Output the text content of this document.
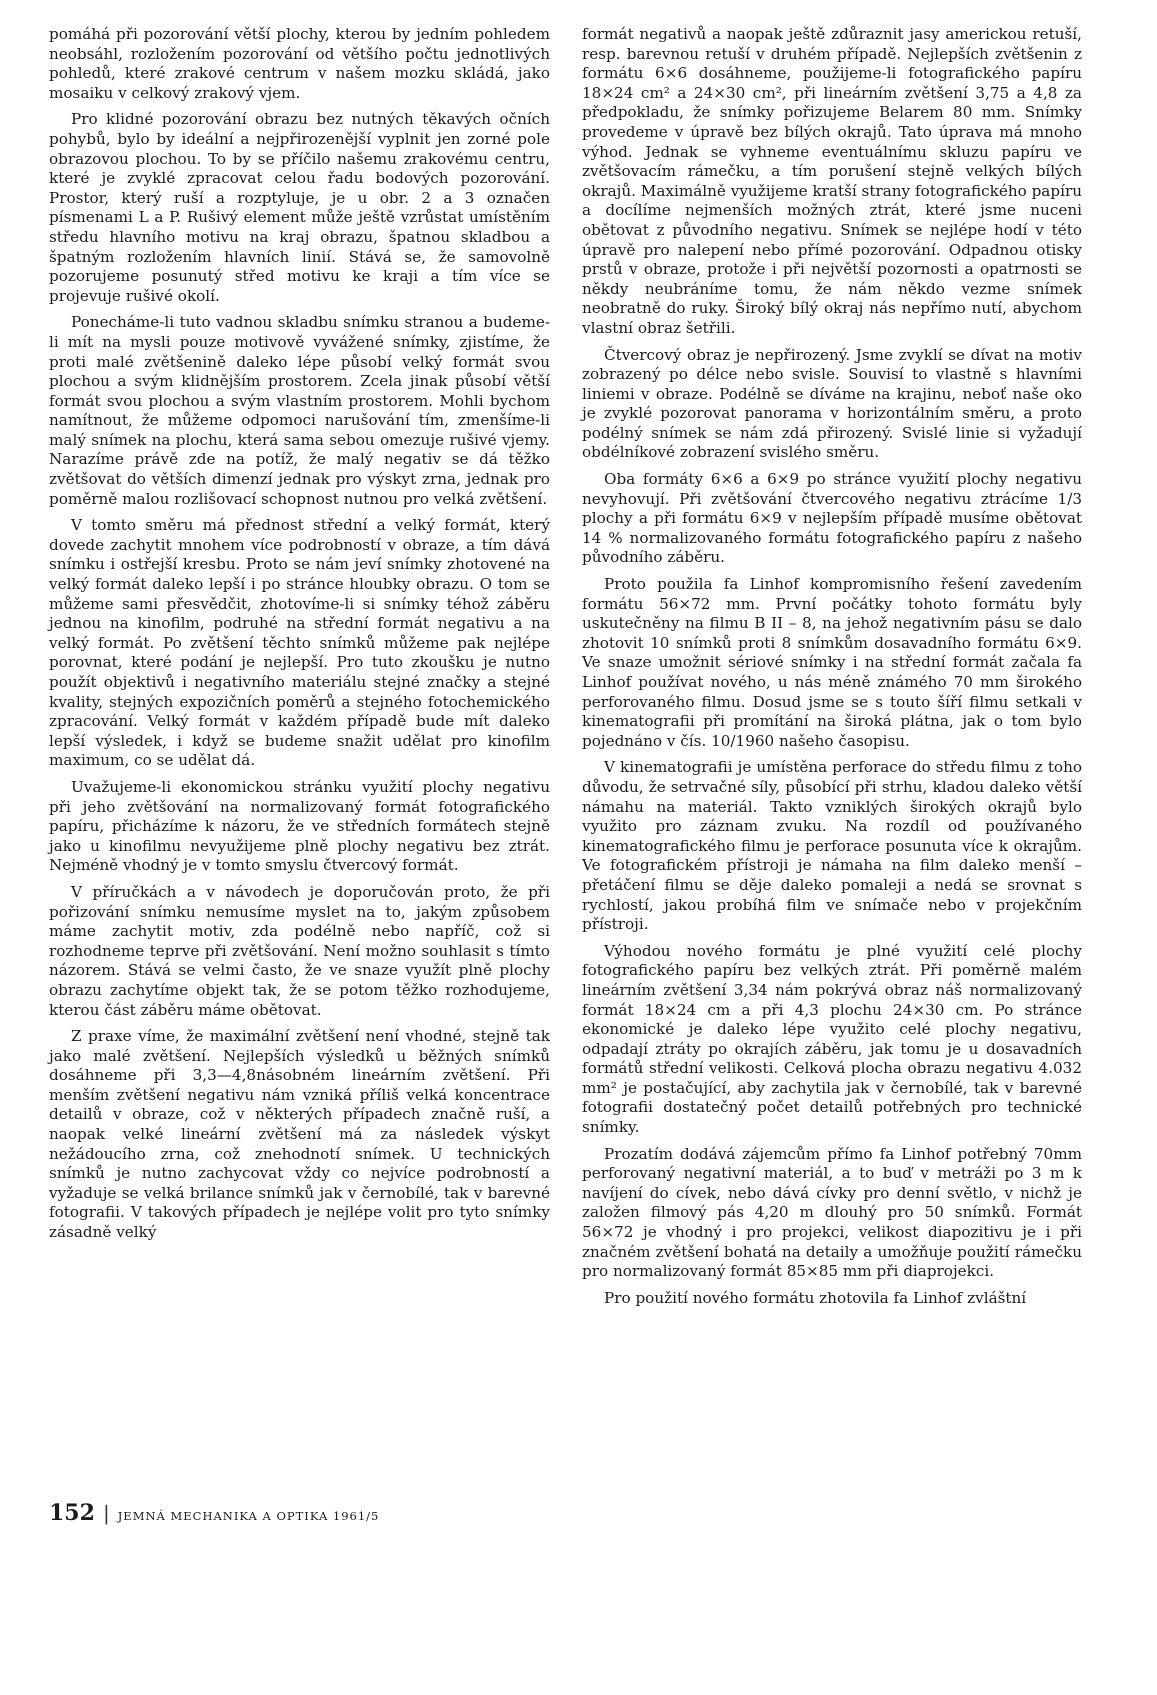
pomáhá při pozorování větší plochy, kterou by jedním pohledem neobsáhl, rozložením pozorování od většího počtu jednotlivých pohledů, které zrakové centrum v našem mozku skládá, jako mosaiku v celkový zrakový vjem.

Pro klidné pozorování obrazu bez nutných těkavých očních pohybů, bylo by ideální a nejpřirozenější vyplnit jen zorné pole obrazovou plochou. To by se příčilo našemu zrakovému centru, které je zvyklé zpracovat celou řadu bodových pozorování. Prostor, který ruší a rozptyluje, je u obr. 2 a 3 označen písmenami L a P. Rušivý element může ještě vzrůstat umístěním středu hlavního motivu na kraj obrazu, špatnou skladbou a špatným rozložením hlavních linií. Stává se, že samovolně pozorujeme posunutý střed motivu ke kraji a tím více se projevuje rušivé okolí.

Ponecháme-li tuto vadnou skladbu snímku stranou a budeme-li mít na mysli pouze motivově vyvážené snímky, zjistíme, že proti malé zvětšenině daleko lépe působí velký formát svou plochou a svým klidnějším prostorem. Zcela jinak působí větší formát svou plochou a svým vlastním prostorem. Mohli bychom namítnout, že můžeme odpomoci narušování tím, zmenšíme-li malý snímek na plochu, která sama sebou omezuje rušivé vjemy. Narazíme právě zde na potíž, že malý negativ se dá těžko zvětšovat do větších dimenzí jednak pro výskyt zrna, jednak pro poměrně malou rozlišovací schopnost nutnou pro velká zvětšení.

V tomto směru má přednost střední a velký formát, který dovede zachytit mnohem více podrobností v obraze, a tím dává snímku i ostřejší kresbu. Proto se nám jeví snímky zhotovené na velký formát daleko lepší i po stránce hloubky obrazu. O tom se můžeme sami přesvědčit, zhotovíme-li si snímky téhož záběru jednou na kinofilm, podruhé na střední formát negativu a na velký formát. Po zvětšení těchto snímků můžeme pak nejlépe porovnat, které podání je nejlepší. Pro tuto zkoušku je nutno použít objektivů i negativního materiálu stejné značky a stejné kvality, stejných expozičních poměrů a stejného fotochemického zpracování. Velký formát v každém případě bude mít daleko lepší výsledek, i když se budeme snažit udělat pro kinofilm maximum, co se udělat dá.

Uvažujeme-li ekonomickou stránku využití plochy negativu při jeho zvětšování na normalizovaný formát fotografického papíru, přicházíme k názoru, že ve středních formátech stejně jako u kinofilmu nevyužijeme plně plochy negativu bez ztrát. Nejméně vhodný je v tomto smyslu čtvercový formát.

V příručkách a v návodech je doporučován proto, že při pořizování snímku nemusíme myslet na to, jakým způsobem máme zachytit motiv, zda podélně nebo napříč, což si rozhodneme teprve při zvětšování. Není možno souhlasit s tímto názorem. Stává se velmi často, že ve snaze využít plně plochy obrazu zachytíme objekt tak, že se potom těžko rozhodujeme, kterou část záběru máme obětovat.

Z praxe víme, že maximální zvětšení není vhodné, stejně tak jako malé zvětšení. Nejlepších výsledků u běžných snímků dosáhneme při 3,3—4,8násobném lineárním zvětšení. Při menším zvětšení negativu nám vzniká příliš velká koncentrace detailů v obraze, což v některých případech značně ruší, a naopak velké lineární zvětšení má za následek výskyt nežádoucího zrna, což znehodnotí snímek. U technických snímků je nutno zachycovat vždy co nejvíce podrobností a vyžaduje se velká brilance snímků jak v černobílé, tak v barevné fotografii. V takových případech je nejlépe volit pro tyto snímky zásadně velký

formát negativů a naopak ještě zdůraznit jasy americkou retuší, resp. barevnou retuší v druhém případě. Nejlepších zvětšenin z formátu 6×6 dosáhneme, použijeme-li fotografického papíru 18×24 cm² a 24×30 cm², při lineárním zvětšení 3,75 a 4,8 za předpokladu, že snímky pořizujeme Belarem 80 mm. Snímky provedeme v úpravě bez bílých okrajů. Tato úprava má mnoho výhod. Jednak se vyhneme eventuálnímu skluzu papíru ve zvětšovacím rámečku, a tím porušení stejně velkých bílých okrajů. Maximálně využijeme kratší strany fotografického papíru a docílíme nejmenších možných ztrát, které jsme nuceni obětovat z původního negativu. Snímek se nejlépe hodí v této úpravě pro nalepení nebo přímé pozorování. Odpadnou otisky prstů v obraze, protože i při největší pozornosti a opatrnosti se někdy neubráníme tomu, že nám někdo vezme snímek neobratně do ruky. Široký bílý okraj nás nepřímo nutí, abychom vlastní obraz šetřili.

Čtvercový obraz je nepřirozený. Jsme zvyklí se dívat na motiv zobrazený po délce nebo svisle. Souvisí to vlastně s hlavními liniemi v obraze. Podélně se díváme na krajinu, neboť naše oko je zvyklé pozorovat panorama v horizontálním směru, a proto podélný snímek se nám zdá přirozený. Svislé linie si vyžadují obdélníkové zobrazení svislého směru.

Oba formáty 6×6 a 6×9 po stránce využití plochy negativu nevyhovují. Při zvětšování čtvercového negativu ztrácíme 1/3 plochy a při formátu 6×9 v nejlepším případě musíme obětovat 14 % normalizovaného formátu fotografického papíru z našeho původního záběru.

Proto použila fa Linhof kompromisního řešení zavedením formátu 56×72 mm. První počátky tohoto formátu byly uskutečněny na filmu B II – 8, na jehož negativním pásu se dalo zhotovit 10 snímků proti 8 snímkům dosavadního formátu 6×9. Ve snaze umožnit sériové snímky i na střední formát začala fa Linhof používat nového, u nás méně známého 70 mm širokého perforovaného filmu. Dosud jsme se s touto šíří filmu setkali v kinematografii při promítání na široká plátna, jak o tom bylo pojednáno v čís. 10/1960 našeho časopisu.

V kinematografii je umístěna perforace do středu filmu z toho důvodu, že setrvačné síly, působící při strhu, kladou daleko větší námahu na materiál. Takto vzniklých širokých okrajů bylo využito pro záznam zvuku. Na rozdíl od používaného kinematografického filmu je perforace posunuta více k okrajům. Ve fotografickém přístroji je námaha na film daleko menší – přetáčení filmu se děje daleko pomaleji a nedá se srovnat s rychlostí, jakou probíhá film ve snímače nebo v projekčním přístroji.

Výhodou nového formátu je plné využití celé plochy fotografického papíru bez velkých ztrát. Při poměrně malém lineárním zvětšení 3,34 nám pokrývá obraz náš normalizovaný formát 18×24 cm a při 4,3 plochu 24×30 cm. Po stránce ekonomické je daleko lépe využito celé plochy negativu, odpadají ztráty po okrajích záběru, jak tomu je u dosavadních formátů střední velikosti. Celková plocha obrazu negativu 4.032 mm² je postačující, aby zachytila jak v černobílé, tak v barevné fotografii dostatečný počet detailů potřebných pro technické snímky.

Prozatím dodává zájemcům přímo fa Linhof potřebný 70mm perforovaný negativní materiál, a to buď v metráži po 3 m k navíjení do cívek, nebo dává cívky pro denní světlo, v nichž je založen filmový pás 4,20 m dlouhý pro 50 snímků. Formát 56×72 je vhodný i pro projekci, velikost diapozitivu je i při značném zvětšení bohatá na detaily a umožňuje použití rámečku pro normalizovaný formát 85×85 mm při diaprojekci.

Pro použití nového formátu zhotovila fa Linhof zvláštní

152 | JEMNÁ MECHANIKA A OPTIKA 1961/5
